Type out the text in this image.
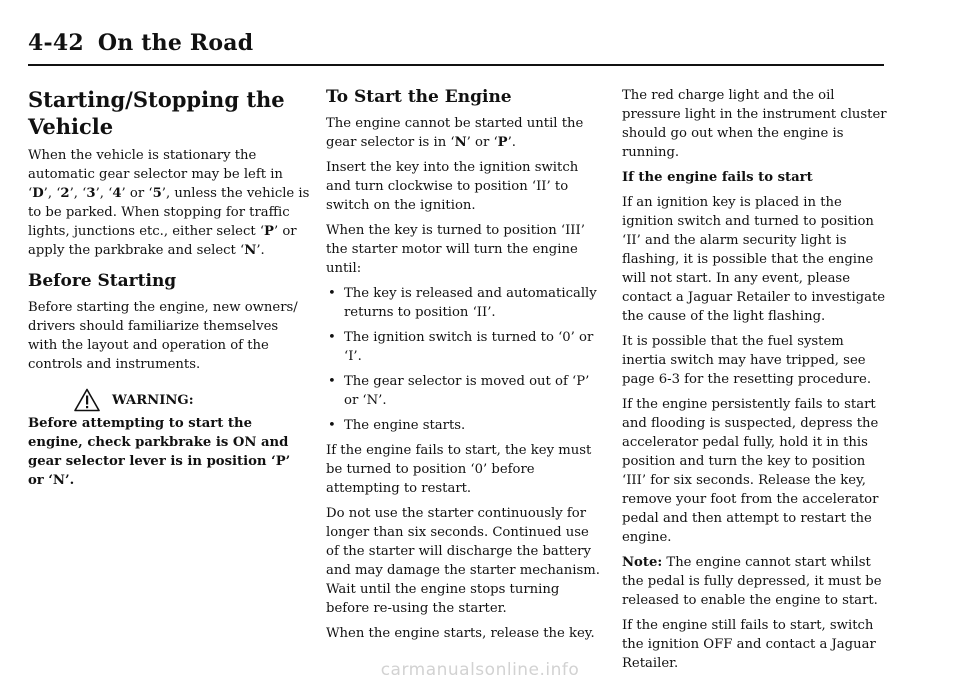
4-42 On the Road
Starting/Stopping the Vehicle

When the vehicle is stationary the automatic gear selector may be left in ‘D’, ‘2’, ‘3’, ‘4’ or ‘5’, unless the vehicle is to be parked. When stopping for traffic lights, junctions etc., either select ‘P’ or apply the parkbrake and select ‘N’.

Before Starting

Before starting the engine, new owners/ drivers should familiarize themselves with the layout and operation of the controls and instruments.

WARNING:

Before attempting to start the engine, check parkbrake is ON and gear selector lever is in position ‘P’ or ‘N’.

To Start the Engine

The engine cannot be started until the gear selector is in ‘N’ or ‘P’.

Insert the key into the ignition switch and turn clockwise to position ‘II’ to switch on the ignition.

When the key is turned to position ‘III’ the starter motor will turn the engine until:

• The key is released and automatically returns to position ‘II’.
• The ignition switch is turned to ‘0’ or ‘I’.
• The gear selector is moved out of ‘P’ or ‘N’.
• The engine starts.

If the engine fails to start, the key must be turned to position ‘0’ before attempting to restart.

Do not use the starter continuously for longer than six seconds. Continued use of the starter will discharge the battery and may damage the starter mechanism. Wait until the engine stops turning before re-using the starter.

When the engine starts, release the key.

The red charge light and the oil pressure light in the instrument cluster should go out when the engine is running.

If the engine fails to start

If an ignition key is placed in the ignition switch and turned to position ‘II’ and the alarm security light is flashing, it is possible that the engine will not start. In any event, please contact a Jaguar Retailer to investigate the cause of the light flashing.

It is possible that the fuel system inertia switch may have tripped, see page 6-3 for the resetting procedure.

If the engine persistently fails to start and flooding is suspected, depress the accelerator pedal fully, hold it in this position and turn the key to position ‘III’ for six seconds. Release the key, remove your foot from the accelerator pedal and then attempt to restart the engine.

Note: The engine cannot start whilst the pedal is fully depressed, it must be released to enable the engine to start.

If the engine still fails to start, switch the ignition OFF and contact a Jaguar Retailer.

carmanualsonline.info
